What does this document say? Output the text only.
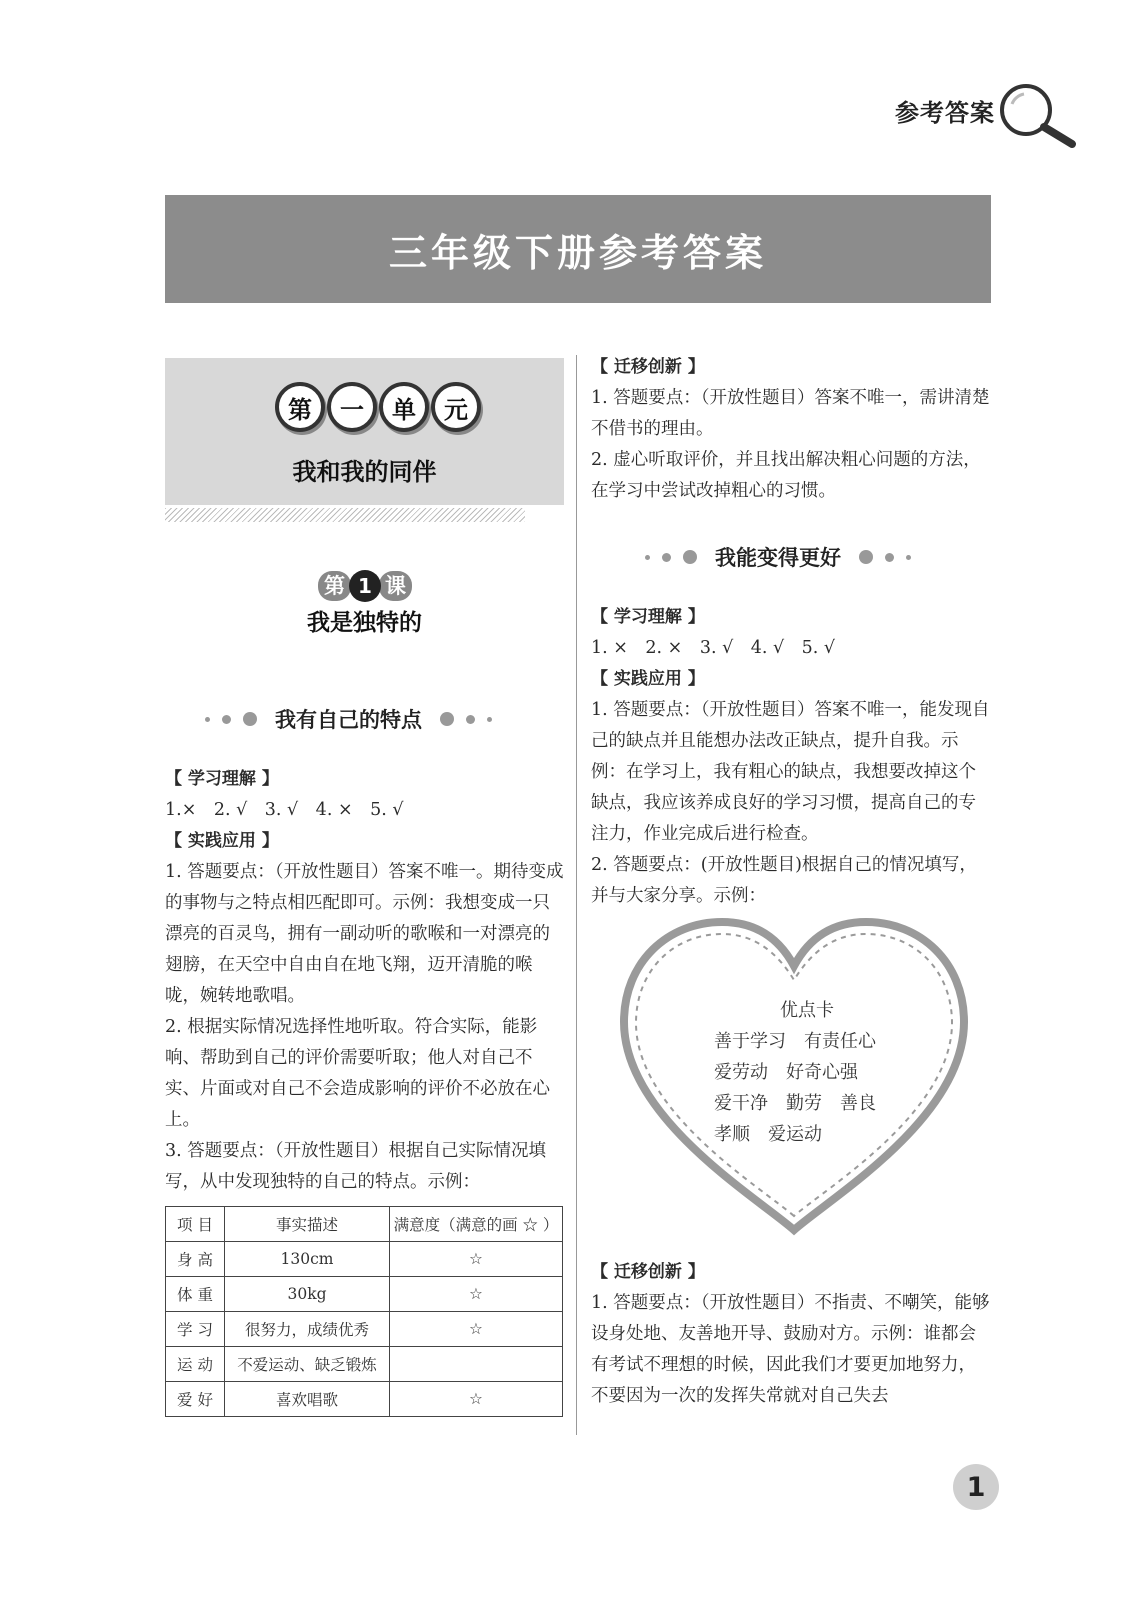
参考答案
三年级下册参考答案
第	一	单	元
我和我的同伴
第 1 课
我是独特的
我有自己的特点

【 学习理解 】

1.×　2. √　3. √　4. ×　5. √

【 实践应用 】

1. 答题要点：（开放性题目）答案不唯一。期待变成的事物与之特点相匹配即可。示例：我想变成一只漂亮的百灵鸟，拥有一副动听的歌喉和一对漂亮的翅膀，在天空中自由自在地飞翔，迈开清脆的喉咙，婉转地歌唱。

2. 根据实际情况选择性地听取。符合实际，能影响、帮助到自己的评价需要听取；他人对自己不实、片面或对自己不会造成影响的评价不必放在心上。

3. 答题要点：（开放性题目）根据自己实际情况填写，从中发现独特的自己的特点。示例：

项 目	事实描述	满意度（满意的画 ☆ ）
身 高	130cm	☆
体 重	30kg	☆
学 习	很努力，成绩优秀	☆
运 动	不爱运动、缺乏锻炼	
爱 好	喜欢唱歌	☆

【 迁移创新 】

1. 答题要点：（开放性题目）答案不唯一，需讲清楚不借书的理由。

2. 虚心听取评价，并且找出解决粗心问题的方法，在学习中尝试改掉粗心的习惯。

我能变得更好

【 学习理解 】

1. ×　2. ×　3. √　4. √　5. √

【 实践应用 】

1. 答题要点：（开放性题目）答案不唯一，能发现自己的缺点并且能想办法改正缺点，提升自我。示例：在学习上，我有粗心的缺点，我想要改掉这个缺点，我应该养成良好的学习习惯，提高自己的专注力，作业完成后进行检查。

2. 答题要点：(开放性题目)根据自己的情况填写，并与大家分享。示例：

优点卡
善于学习　有责任心
爱劳动　好奇心强
爱干净　勤劳　善良
孝顺　爱运动

【 迁移创新 】

1. 答题要点：（开放性题目）不指责、不嘲笑，能够设身处地、友善地开导、鼓励对方。示例：谁都会有考试不理想的时候，因此我们才要更加地努力，不要因为一次的发挥失常就对自己失去

1
